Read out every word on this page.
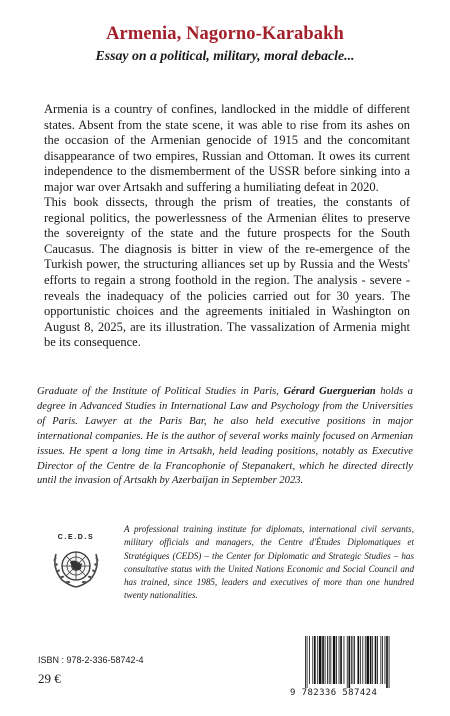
Armenia, Nagorno-Karabakh
Essay on a political, military, moral debacle...

Armenia is a country of confines, landlocked in the middle of different states. Absent from the state scene, it was able to rise from its ashes on the occasion of the Armenian genocide of 1915 and the concomitant disappearance of two empires, Russian and Ottoman. It owes its current independence to the dismemberment of the USSR before sinking into a major war over Artsakh and suffering a humiliating defeat in 2020.

This book dissects, through the prism of treaties, the constants of regional politics, the powerlessness of the Armenian élites to preserve the sovereignty of the state and the future prospects for the South Caucasus. The diagnosis is bitter in view of the re-emergence of the Turkish power, the structuring alliances set up by Russia and the Wests' efforts to regain a strong foothold in the region. The analysis - severe - reveals the inadequacy of the policies carried out for 30 years. The opportunistic choices and the agreements initialed in Washington on August 8, 2025, are its illustration. The vassalization of Armenia might be its consequence.

Graduate of the Institute of Political Studies in Paris, Gérard Guerguerian holds a degree in Advanced Studies in International Law and Psychology from the Universities of Paris. Lawyer at the Paris Bar, he also held executive positions in major international companies. He is the author of several works mainly focused on Armenian issues. He spent a long time in Artsakh, held leading positions, notably as Executive Director of the Centre de la Francophonie of Stepanakert, which he directed directly until the invasion of Artsakh by Azerbaijan in September 2023.
C.E.D.S
A professional training institute for diplomats, international civil servants, military officials and managers, the Centre d'Études Diplomatiques et Stratégiques (CEDS) – the Center for Diplomatic and Strategic Studies – has consultative status with the United Nations Economic and Social Council and has trained, since 1985, leaders and executives of more than one hundred twenty nationalities.
ISBN : 978-2-336-58742-4
29 €
9 782336 587424
